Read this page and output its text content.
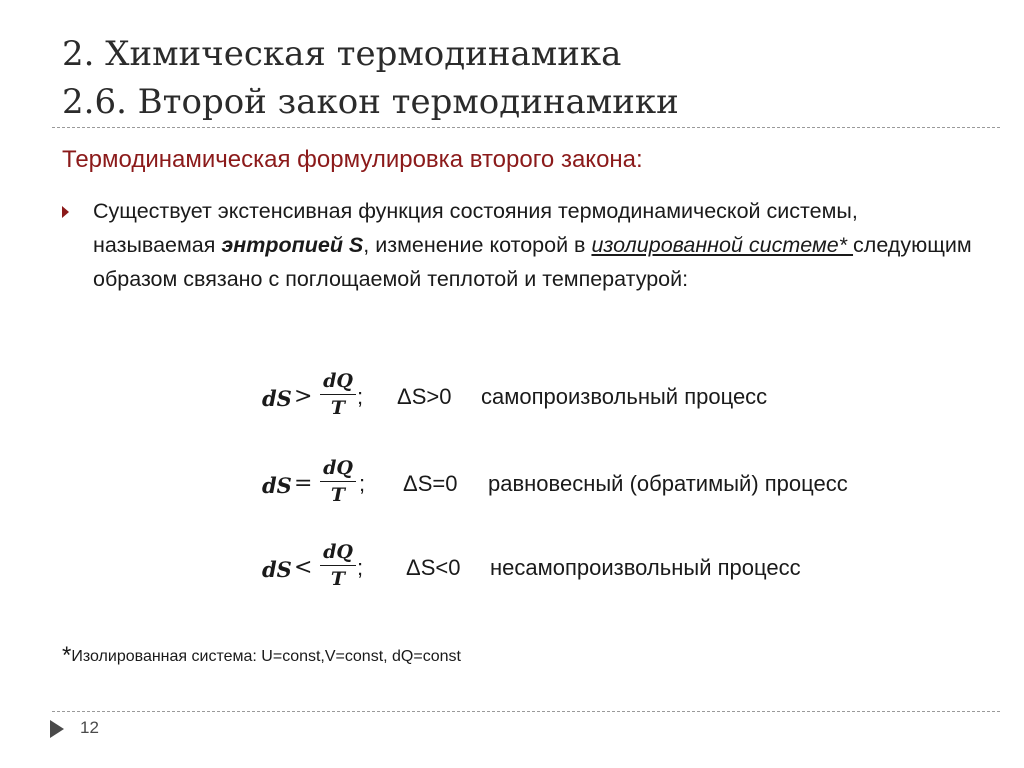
2. Химическая термодинамика
2.6. Второй закон термодинамики
Термодинамическая формулировка второго закона:
Существует экстенсивная функция состояния термодинамической системы, называемая энтропией S, изменение которой в изолированной системе* следующим образом связано с поглощаемой теплотой и температурой:
dS >
dQ
T ; ΔS>0 самопроизвольный процесс
dS =
dQ
T ; ΔS=0 равновесный (обратимый) процесс
dS <
dQ
T ; ΔS<0 несамопроизвольный процесс
*Изолированная система: U=const,V=const, dQ=const
12
